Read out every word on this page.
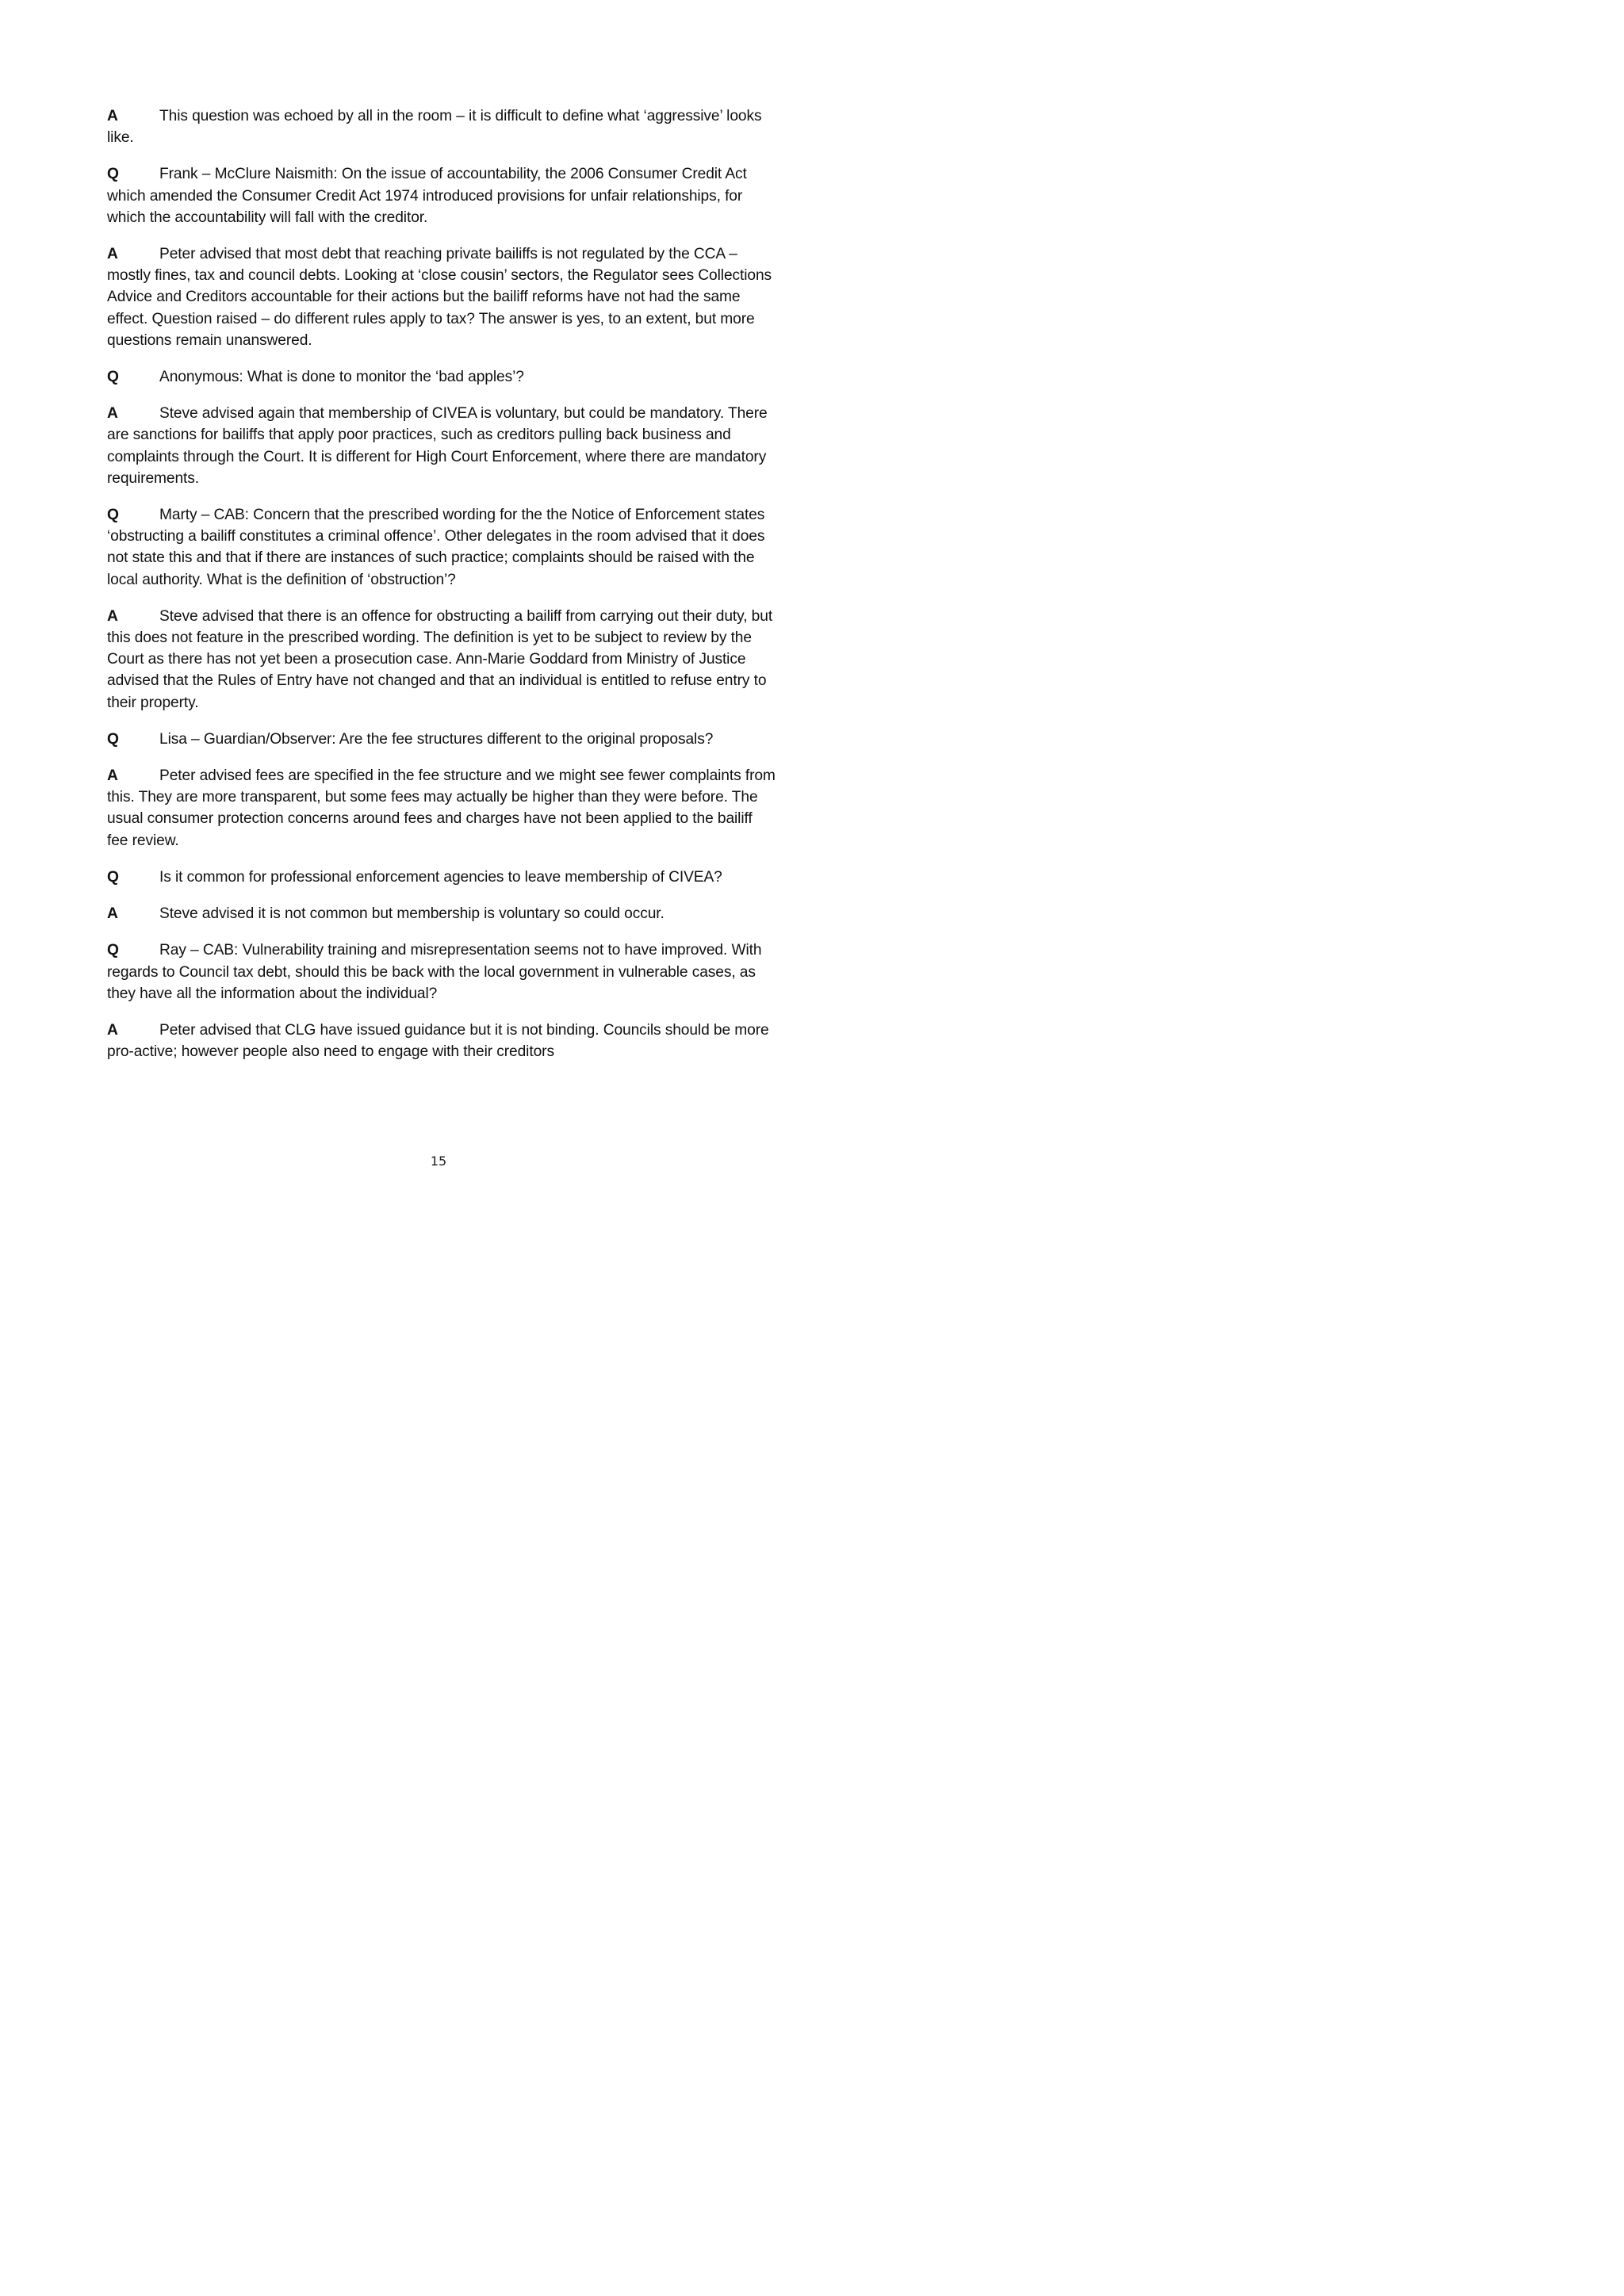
A	This question was echoed by all in the room – it is difficult to define what ‘aggressive’ looks like.

Q	Frank – McClure Naismith: On the issue of accountability, the 2006 Consumer Credit Act which amended the Consumer Credit Act 1974 introduced provisions for unfair relationships, for which the accountability will fall with the creditor.

A	Peter advised that most debt that reaching private bailiffs is not regulated by the CCA – mostly fines, tax and council debts. Looking at ‘close cousin’ sectors, the Regulator sees Collections Advice and Creditors accountable for their actions but the bailiff reforms have not had the same effect. Question raised – do different rules apply to tax? The answer is yes, to an extent, but more questions remain unanswered.

Q	Anonymous: What is done to monitor the ‘bad apples’?

A	Steve advised again that membership of CIVEA is voluntary, but could be mandatory. There are sanctions for bailiffs that apply poor practices, such as creditors pulling back business and complaints through the Court. It is different for High Court Enforcement, where there are mandatory requirements.

Q	Marty – CAB: Concern that the prescribed wording for the the Notice of Enforcement states ‘obstructing a bailiff constitutes a criminal offence’. Other delegates in the room advised that it does not state this and that if there are instances of such practice; complaints should be raised with the local authority. What is the definition of ‘obstruction’?

A	Steve advised that there is an offence for obstructing a bailiff from carrying out their duty, but this does not feature in the prescribed wording. The definition is yet to be subject to review by the Court as there has not yet been a prosecution case. Ann-Marie Goddard from Ministry of Justice advised that the Rules of Entry have not changed and that an individual is entitled to refuse entry to their property.

Q	Lisa – Guardian/Observer: Are the fee structures different to the original proposals?

A	Peter advised fees are specified in the fee structure and we might see fewer complaints from this. They are more transparent, but some fees may actually be higher than they were before. The usual consumer protection concerns around fees and charges have not been applied to the bailiff fee review.

Q	Is it common for professional enforcement agencies to leave membership of CIVEA?

A	Steve advised it is not common but membership is voluntary so could occur.

Q	Ray – CAB: Vulnerability training and misrepresentation seems not to have improved. With regards to Council tax debt, should this be back with the local government in vulnerable cases, as they have all the information about the individual?

A	Peter advised that CLG have issued guidance but it is not binding. Councils should be more pro-active; however people also need to engage with their creditors

15
